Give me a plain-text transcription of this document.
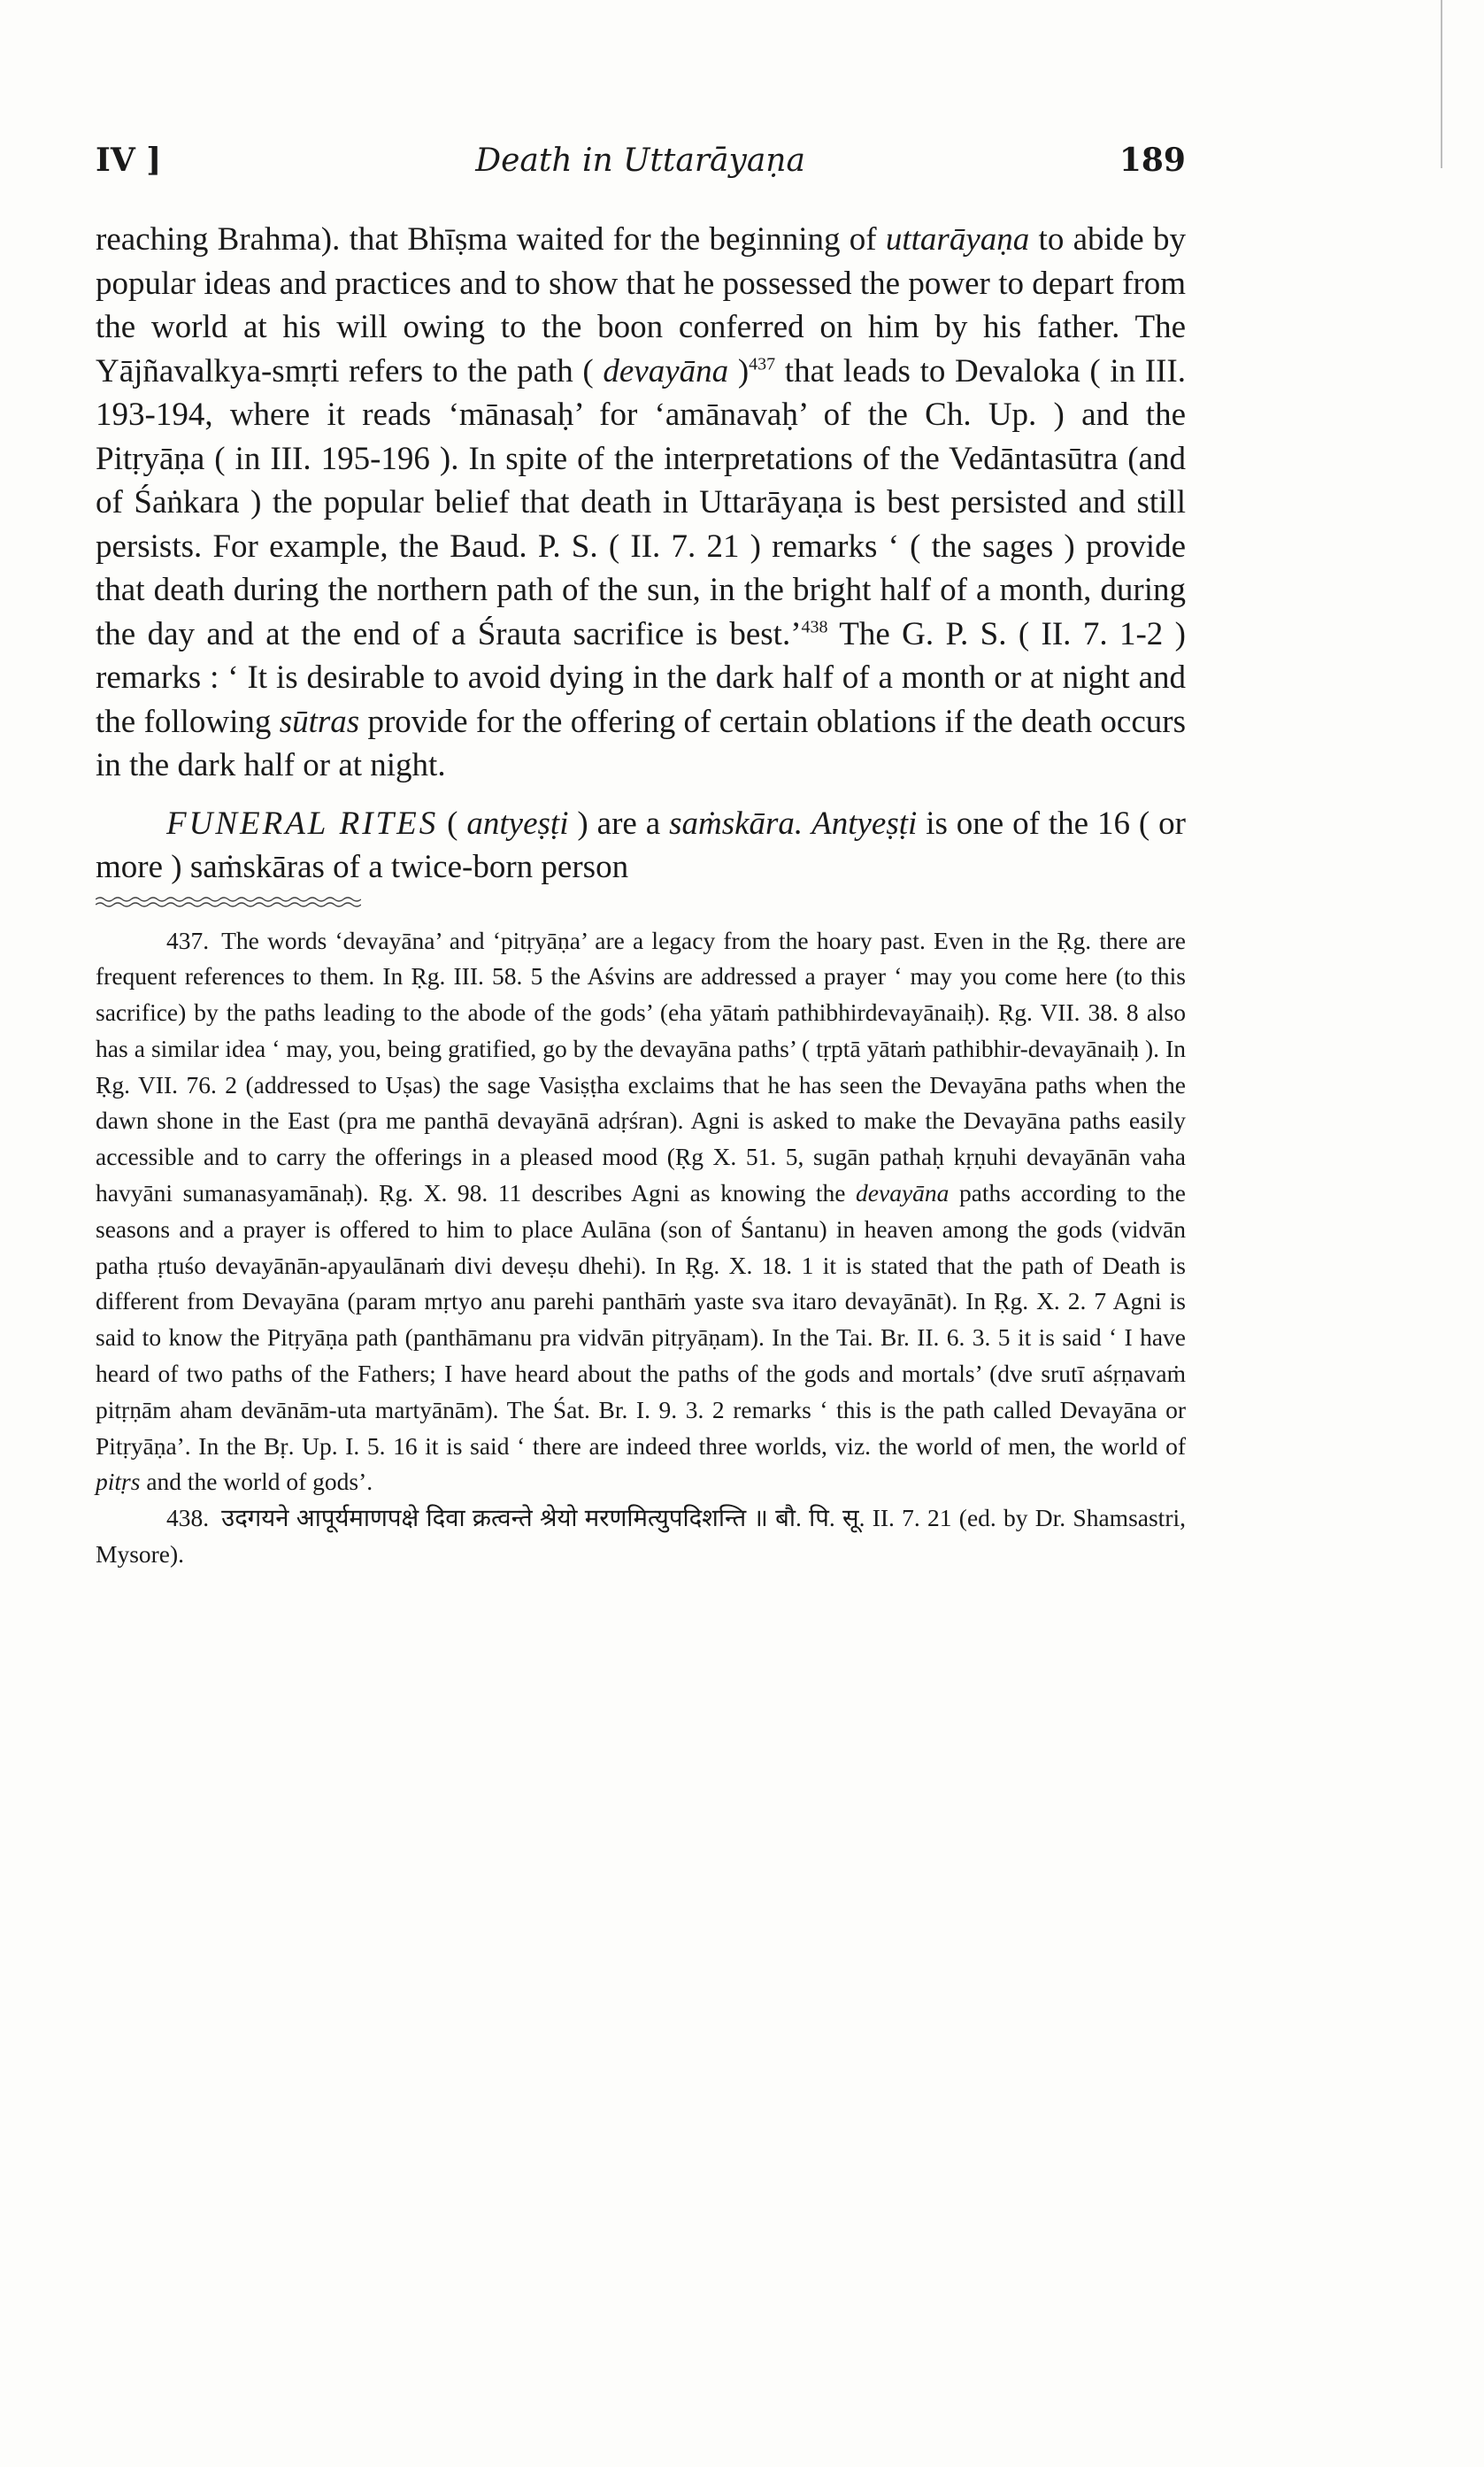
IV ]	Death in Uttarāyaṇa	189

reaching Brahma). that Bhīṣma waited for the beginning of uttarāyaṇa to abide by popular ideas and practices and to show that he possessed the power to depart from the world at his will owing to the boon conferred on him by his father. The Yājñavalkya-smṛti refers to the path ( devayāna )$^{437}$ that leads to Devaloka ( in III. 193-194, where it reads ‘mānasaḥ’ for ‘amānavaḥ’ of the Ch. Up. ) and the Pitṛyāṇa ( in III. 195-196 ). In spite of the interpretations of the Vedāntasūtra (and of Śaṅkara ) the popular belief that death in Uttarāyaṇa is best persisted and still persists. For example, the Baud. P. S. ( II. 7. 21 ) remarks ‘ ( the sages ) provide that death during the northern path of the sun, in the bright half of a month, during the day and at the end of a Śrauta sacrifice is best.’$^{438}$ The G. P. S. ( II. 7. 1-2 ) remarks : ‘ It is desirable to avoid dying in the dark half of a month or at night and the following sūtras provide for the offering of certain oblations if the death occurs in the dark half or at night.

FUNERAL RITES ( antyeṣṭi ) are a saṁskāra. Antyeṣṭi is one of the 16 ( or more ) saṁskāras of a twice-born person

437. The words ‘devayāna’ and ‘pitṛyāṇa’ are a legacy from the hoary past. Even in the Ṛg. there are frequent references to them. In Ṛg. III. 58. 5 the Aśvins are addressed a prayer ‘ may you come here (to this sacrifice) by the paths leading to the abode of the gods’ (eha yātaṁ pathibhirdevayānaiḥ). Ṛg. VII. 38. 8 also has a similar idea ‘ may, you, being gratified, go by the devayāna paths’ ( tṛptā yātaṁ pathibhir-devayānaiḥ ). In Ṛg. VII. 76. 2 (addressed to Uṣas) the sage Vasiṣṭha exclaims that he has seen the Devayāna paths when the dawn shone in the East (pra me panthā devayānā adṛśran). Agni is asked to make the Devayāna paths easily accessible and to carry the offerings in a pleased mood (Ṛg X. 51. 5, sugān pathaḥ kṛṇuhi devayānān vaha havyāni sumanasyamānaḥ). Ṛg. X. 98. 11 describes Agni as knowing the devayāna paths according to the seasons and a prayer is offered to him to place Aulāna (son of Śantanu) in heaven among the gods (vidvān patha ṛtuśo devayānān-apyaulānaṁ divi deveṣu dhehi). In Ṛg. X. 18. 1 it is stated that the path of Death is different from Devayāna (param mṛtyo anu parehi panthāṁ yaste sva itaro devayānāt). In Ṛg. X. 2. 7 Agni is said to know the Pitṛyāṇa path (panthāmanu pra vidvān pitṛyāṇam). In the Tai. Br. II. 6. 3. 5 it is said ‘ I have heard of two paths of the Fathers; I have heard about the paths of the gods and mortals’ (dve srutī aśṛṇavaṁ pitṛṇām aham devānām-uta martyānām). The Śat. Br. I. 9. 3. 2 remarks ‘ this is the path called Devayāna or Pitṛyāṇa’. In the Bṛ. Up. I. 5. 16 it is said ‘ there are indeed three worlds, viz. the world of men, the world of pitṛs and the world of gods’.

438. उदगयने आपूर्यमाणपक्षे दिवा क्रत्वन्ते श्रेयो मरणमित्युपदिशन्ति ॥ बौ. पि. सू. II. 7. 21 (ed. by Dr. Shamsastri, Mysore).
